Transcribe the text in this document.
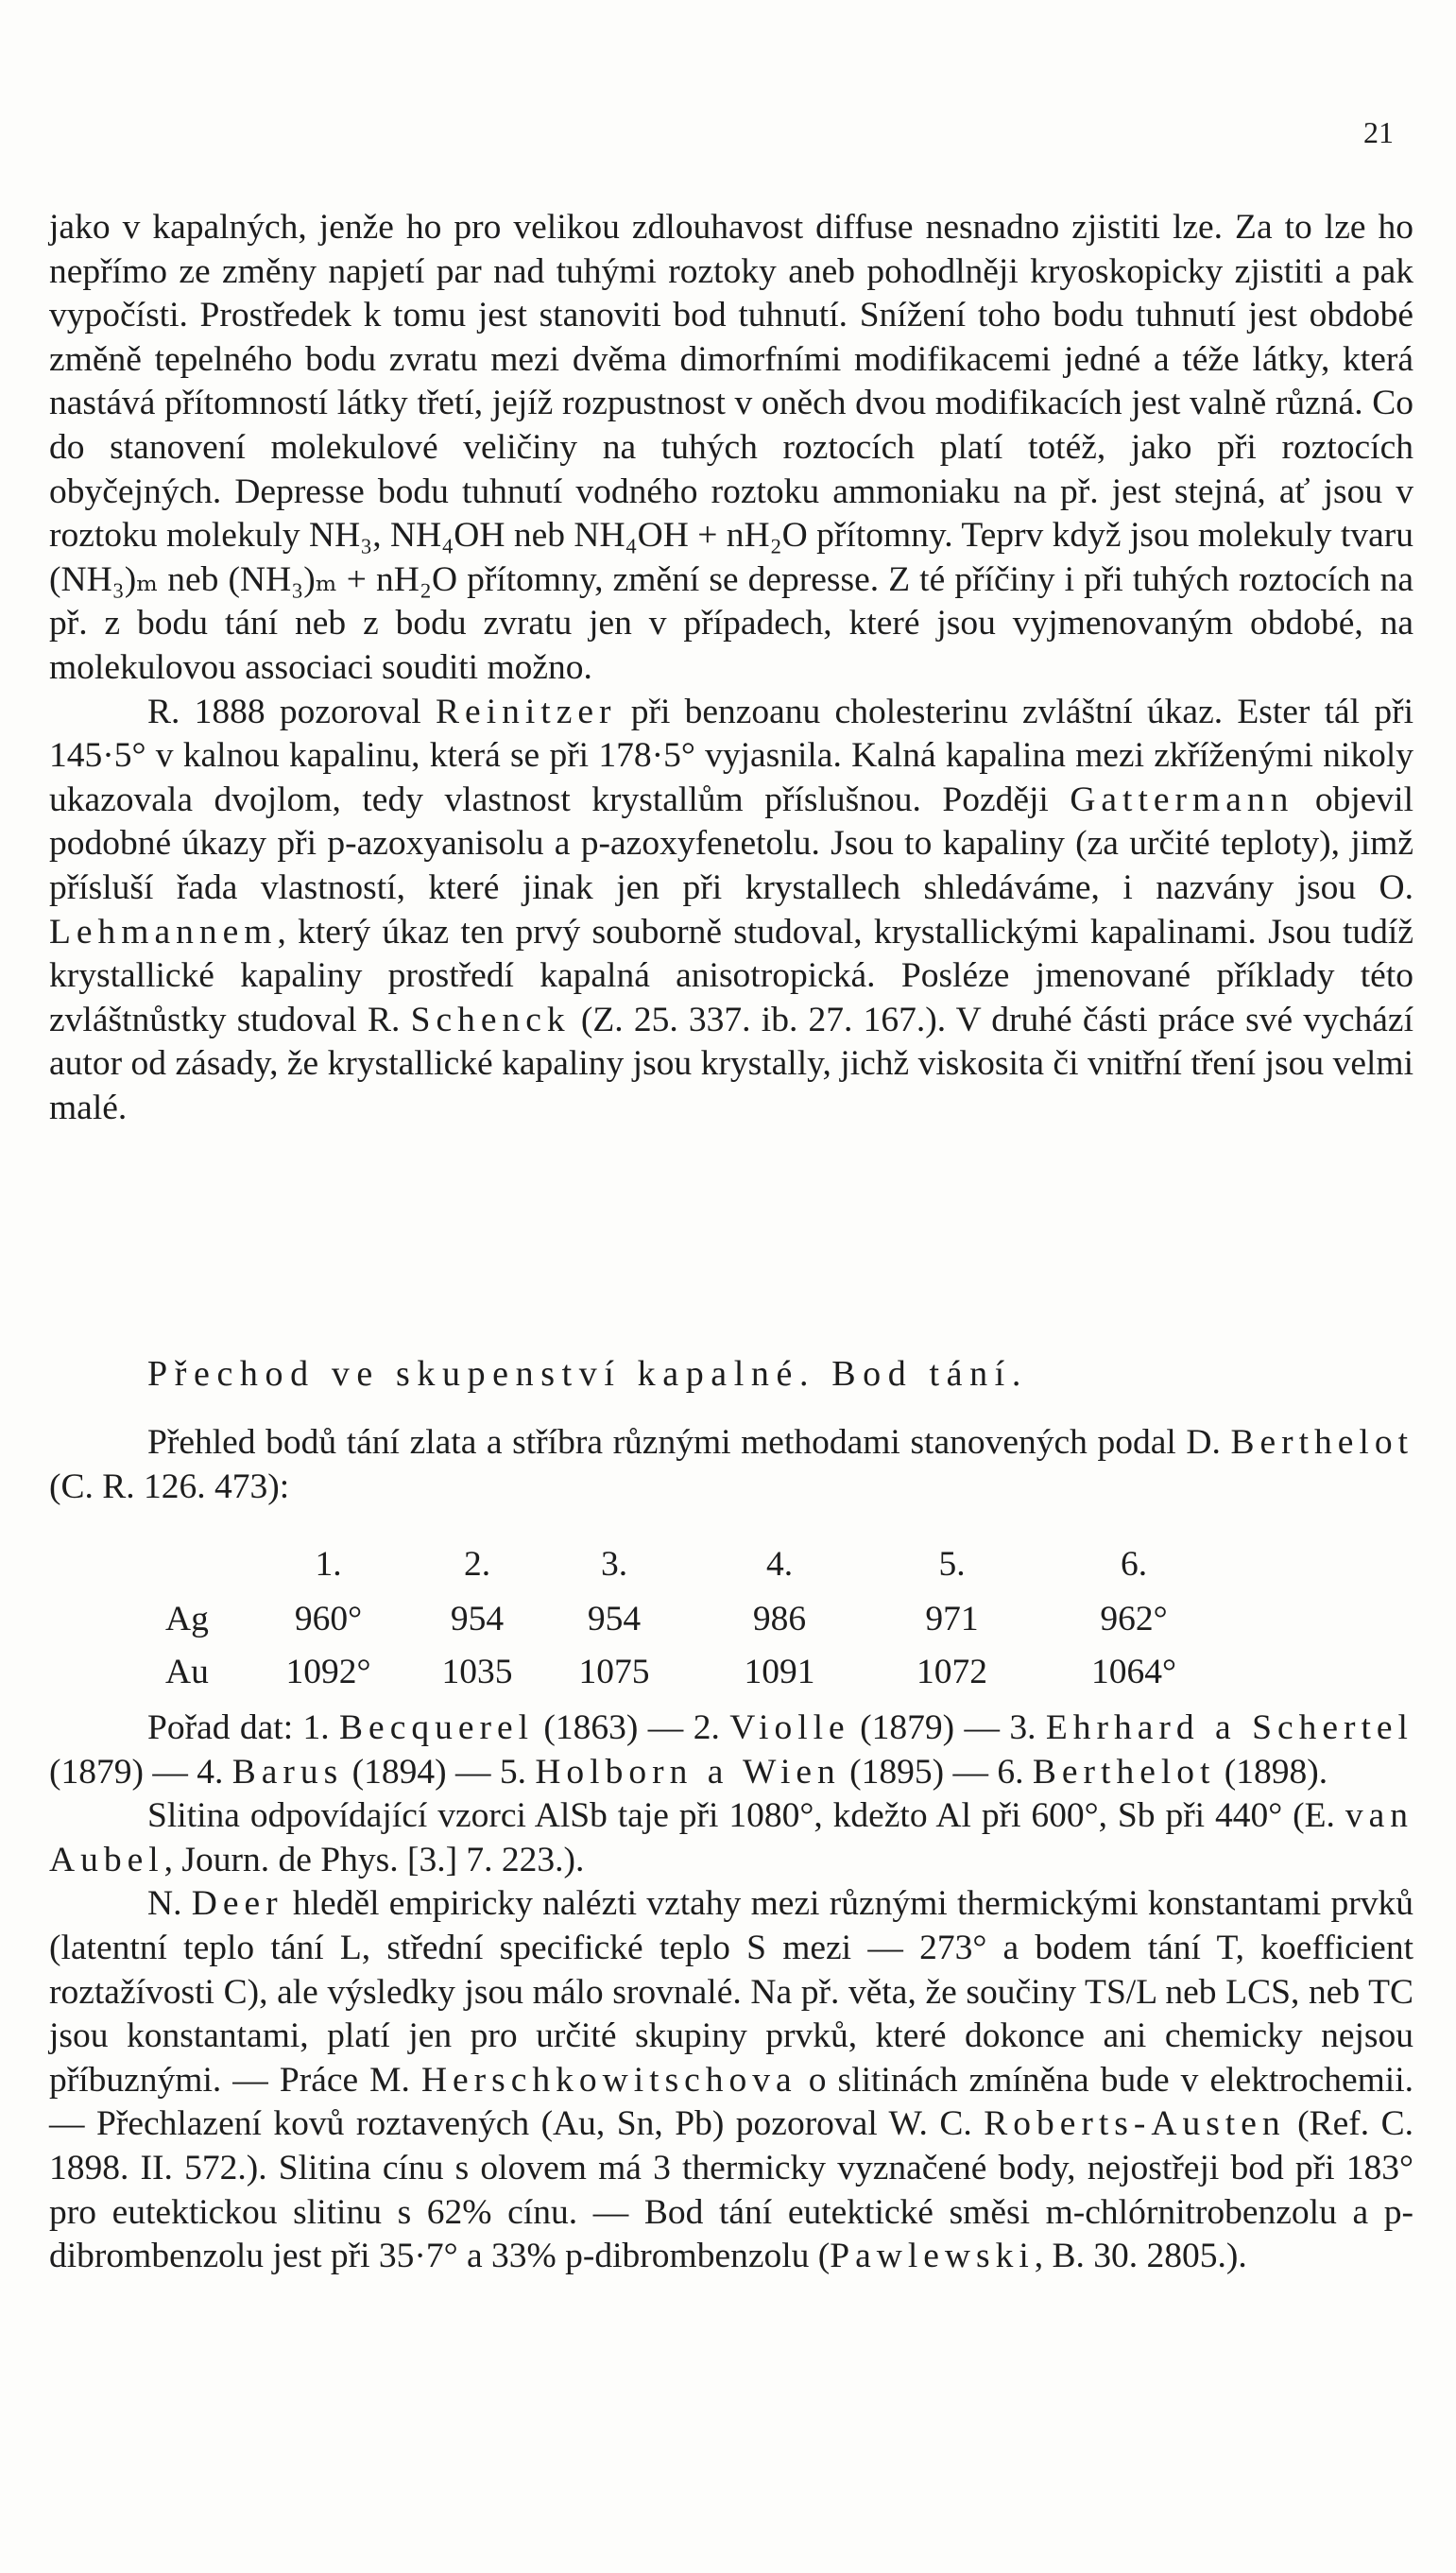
21

jako v kapalných, jenže ho pro velikou zdlouhavost diffuse nesnadno zjistiti lze. Za to lze ho nepřímo ze změny napjetí par nad tuhými roztoky aneb pohodlněji kryoskopicky zjistiti a pak vypočísti. Prostředek k tomu jest stanoviti bod tuhnutí. Snížení toho bodu tuhnutí jest obdobé změně tepelného bodu zvratu mezi dvěma dimorfními modifikacemi jedné a téže látky, která nastává přítomností látky třetí, jejíž rozpustnost v oněch dvou modifikacích jest valně různá. Co do stanovení molekulové veličiny na tuhých roztocích platí totéž, jako při roztocích obyčejných. Depresse bodu tuhnutí vodného roztoku ammoniaku na př. jest stejná, ať jsou v roztoku molekuly NH₃, NH₄OH neb NH₄OH + nH₂O přítomny. Teprv když jsou molekuly tvaru (NH₃)ₘ neb (NH₃)ₘ + nH₂O přítomny, změní se depresse. Z té příčiny i při tuhých roztocích na př. z bodu tání neb z bodu zvratu jen v případech, které jsou vyjmenovaným obdobé, na molekulovou associaci souditi možno.

R. 1888 pozoroval Reinitzer při benzoanu cholesterinu zvláštní úkaz. Ester tál při 145·5° v kalnou kapalinu, která se při 178·5° vyjasnila. Kalná kapalina mezi zkříženými nikoly ukazovala dvojlom, tedy vlastnost krystallům příslušnou. Později Gattermann objevil podobné úkazy při p-azoxyanisolu a p-azoxyfenetolu. Jsou to kapaliny (za určité teploty), jimž přísluší řada vlastností, které jinak jen při krystallech shledáváme, i nazvány jsou O. Lehmannem, který úkaz ten prvý souborně studoval, krystallickými kapalinami. Jsou tudíž krystallické kapaliny prostředí kapalná anisotropická. Posléze jmenované příklady této zvláštnůstky studoval R. Schenck (Z. 25. 337. ib. 27. 167.). V druhé části práce své vychází autor od zásady, že krystallické kapaliny jsou krystally, jichž viskosita či vnitřní tření jsou velmi malé.

Přechod ve skupenství kapalné. Bod tání.

Přehled bodů tání zlata a stříbra různými methodami stanovených podal D. Berthelot (C. R. 126. 473):

	1.	2.	3.	4.	5.	6.
Ag	960°	954	954	986	971	962°
Au	1092°	1035	1075	1091	1072	1064°

Pořad dat: 1. Becquerel (1863) — 2. Violle (1879) — 3. Ehrhard a Schertel (1879) — 4. Barus (1894) — 5. Holborn a Wien (1895) — 6. Berthelot (1898).

Slitina odpovídající vzorci AlSb taje při 1080°, kdežto Al při 600°, Sb při 440° (E. van Aubel, Journ. de Phys. [3.] 7. 223.).

N. Deer hleděl empiricky nalézti vztahy mezi různými thermickými konstantami prvků (latentní teplo tání L, střední specifické teplo S mezi — 273° a bodem tání T, koefficient roztažívosti C), ale výsledky jsou málo srovnalé. Na př. věta, že součiny TS/L neb LCS, neb TC jsou konstantami, platí jen pro určité skupiny prvků, které dokonce ani chemicky nejsou příbuznými. — Práce M. Herschkowitschova o slitinách zmíněna bude v elektrochemii. — Přechlazení kovů roztavených (Au, Sn, Pb) pozoroval W. C. Roberts-Austen (Ref. C. 1898. II. 572.). Slitina cínu s olovem má 3 thermicky vyznačené body, nejostřeji bod při 183° pro eutektickou slitinu s 62% cínu. — Bod tání eutektické směsi m-chlórnitrobenzolu a p-dibrombenzolu jest při 35·7° a 33% p-dibrombenzolu (Pawlewski, B. 30. 2805.).
